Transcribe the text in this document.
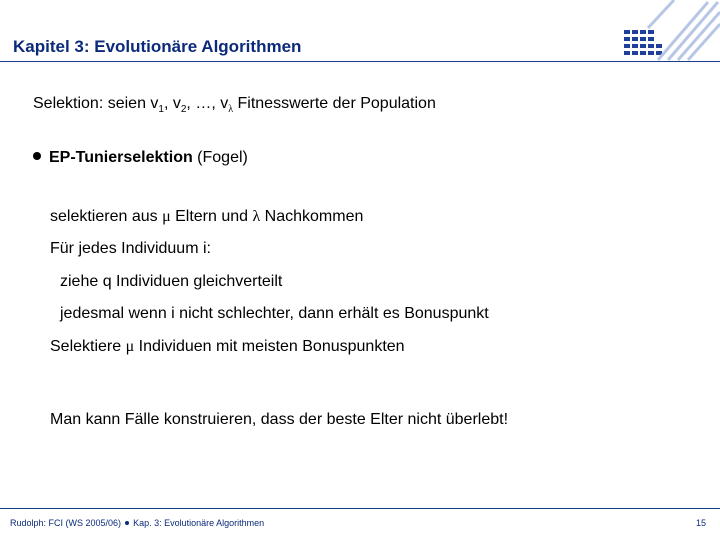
Kapitel 3: Evolutionäre Algorithmen
Selektion: seien $v_1$, $v_2$, …, $v_\lambda$ Fitnesswerte der Population
EP-Tunierselektion (Fogel)
selektieren aus μ Eltern und λ Nachkommen
Für jedes Individuum i:
ziehe q Individuen gleichverteilt
jedesmal wenn i nicht schlechter, dann erhält es Bonuspunkt
Selektiere μ Individuen mit meisten Bonuspunkten
Man kann Fälle konstruieren, dass der beste Elter nicht überlebt!
Rudolph: FCI (WS 2005/06) Kap. 3: Evolutionäre Algorithmen	15
